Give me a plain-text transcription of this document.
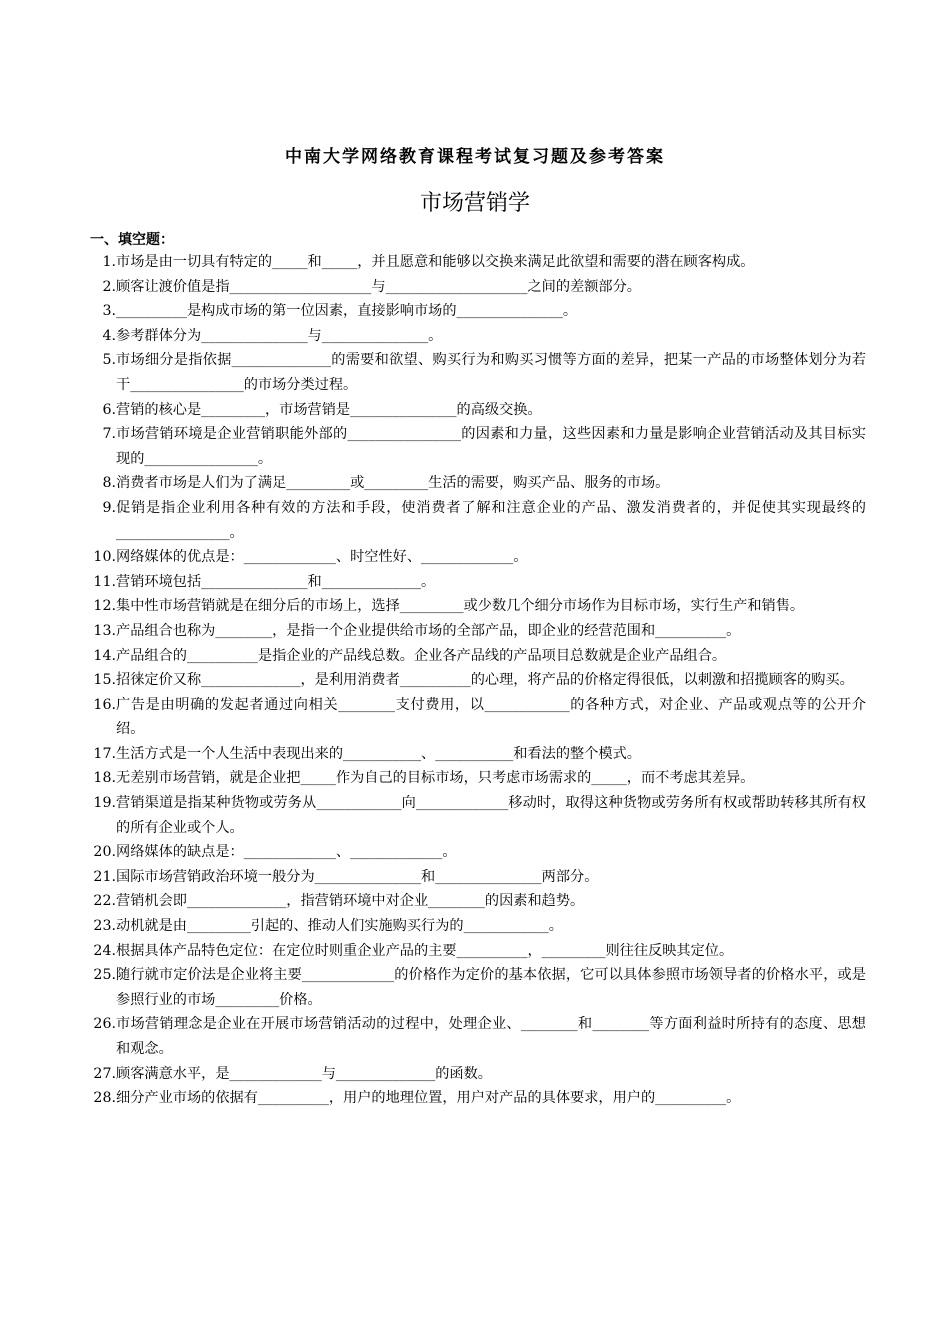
中南大学网络教育课程考试复习题及参考答案
市场营销学
一、填空题：
1. 市场是由一切具有特定的_____和_____，并且愿意和能够以交换来满足此欲望和需要的潜在顾客构成。
2. 顾客让渡价值是指____________________与____________________之间的差额部分。
3. __________是构成市场的第一位因素，直接影响市场的_______________。
4. 参考群体分为_______________与_______________。
5. 市场细分是指依据______________的需要和欲望、购买行为和购买习惯等方面的差异，把某一产品的市场整体划分为若干________________的市场分类过程。
6. 营销的核心是_________，市场营销是_______________的高级交换。
7. 市场营销环境是企业营销职能外部的________________的因素和力量，这些因素和力量是影响企业营销活动及其目标实现的________________。
8. 消费者市场是人们为了满足_________或_________生活的需要，购买产品、服务的市场。
9. 促销是指企业利用各种有效的方法和手段，使消费者了解和注意企业的产品、激发消费者的，并促使其实现最终的________________。
10. 网络媒体的优点是：_____________、时空性好、_____________。
11. 营销环境包括_______________和______________。
12. 集中性市场营销就是在细分后的市场上，选择_________或少数几个细分市场作为目标市场，实行生产和销售。
13. 产品组合也称为________，是指一个企业提供给市场的全部产品，即企业的经营范围和__________。
14. 产品组合的__________是指企业的产品线总数。企业各产品线的产品项目总数就是企业产品组合。
15. 招徕定价又称______________，是利用消费者__________的心理，将产品的价格定得很低，以刺激和招揽顾客的购买。
16. 广告是由明确的发起者通过向相关________支付费用，以____________的各种方式，对企业、产品或观点等的公开介绍。
17. 生活方式是一个人生活中表现出来的___________、___________和看法的整个模式。
18. 无差别市场营销，就是企业把_____作为自己的目标市场，只考虑市场需求的_____，而不考虑其差异。
19. 营销渠道是指某种货物或劳务从____________向_____________移动时，取得这种货物或劳务所有权或帮助转移其所有权的所有企业或个人。
20. 网络媒体的缺点是：_____________、_____________。
21. 国际市场营销政治环境一般分为_______________和_______________两部分。
22. 营销机会即______________，指营销环境中对企业________的因素和趋势。
23. 动机就是由_________引起的、推动人们实施购买行为的____________。
24. 根据具体产品特色定位：在定位时则重企业产品的主要__________，_________则往往反映其定位。
25. 随行就市定价法是企业将主要_____________的价格作为定价的基本依据，它可以具体参照市场领导者的价格水平，或是参照行业的市场_________价格。
26. 市场营销理念是企业在开展市场营销活动的过程中，处理企业、________和________等方面利益时所持有的态度、思想和观念。
27. 顾客满意水平，是_____________与______________的函数。
28. 细分产业市场的依据有__________，用户的地理位置，用户对产品的具体要求，用户的__________。
